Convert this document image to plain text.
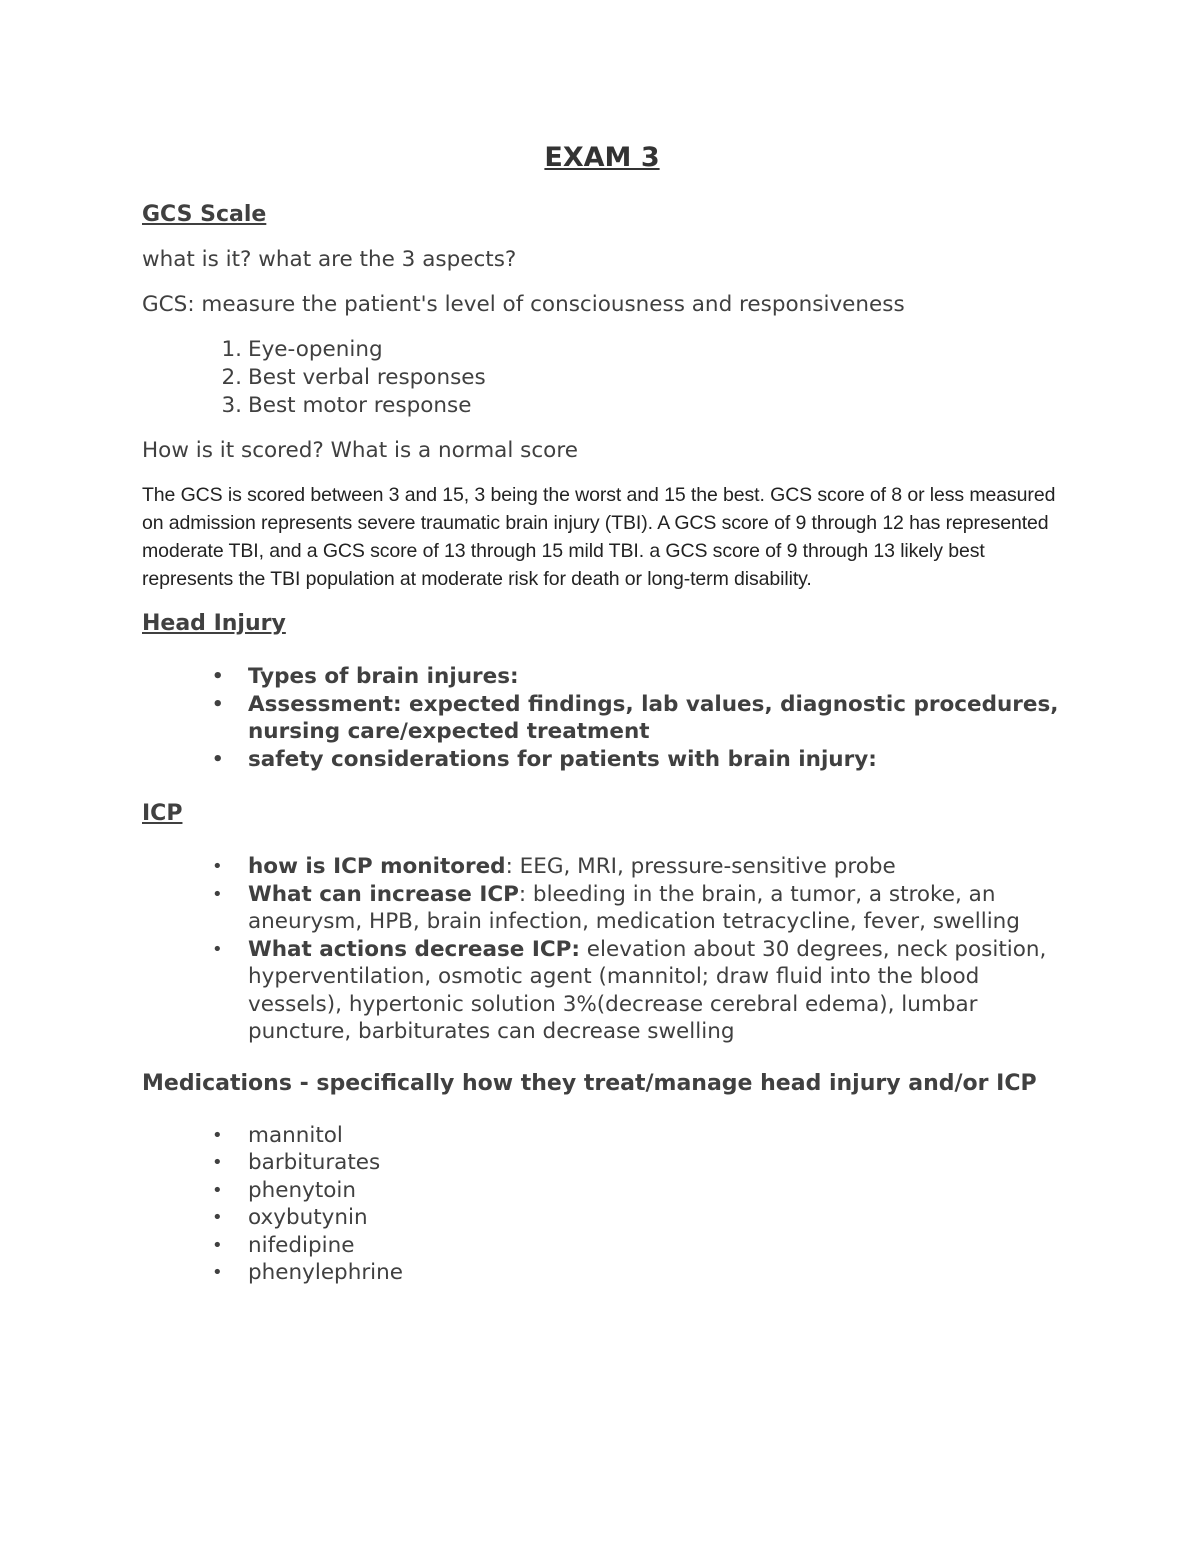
EXAM 3
GCS Scale

what is it? what are the 3 aspects?

GCS: measure the patient's level of consciousness and responsiveness

1. Eye-opening
2. Best verbal responses
3. Best motor response

How is it scored? What is a normal score

The GCS is scored between 3 and 15, 3 being the worst and 15 the best. GCS score of 8 or less measured on admission represents severe traumatic brain injury (TBI). A GCS score of 9 through 12 has represented moderate TBI, and a GCS score of 13 through 15 mild TBI. a GCS score of 9 through 13 likely best represents the TBI population at moderate risk for death or long-term disability.

Head Injury
• Types of brain injures:
• Assessment: expected findings, lab values, diagnostic procedures, nursing care/expected treatment
• safety considerations for patients with brain injury:
ICP
• how is ICP monitored: EEG, MRI, pressure-sensitive probe
• What can increase ICP: bleeding in the brain, a tumor, a stroke, an aneurysm, HPB, brain infection, medication tetracycline, fever, swelling
• What actions decrease ICP: elevation about 30 degrees, neck position, hyperventilation, osmotic agent (mannitol; draw fluid into the blood vessels), hypertonic solution 3%(decrease cerebral edema), lumbar puncture, barbiturates can decrease swelling
Medications - specifically how they treat/manage head injury and/or ICP
• mannitol
• barbiturates
• phenytoin
• oxybutynin
• nifedipine
• phenylephrine
